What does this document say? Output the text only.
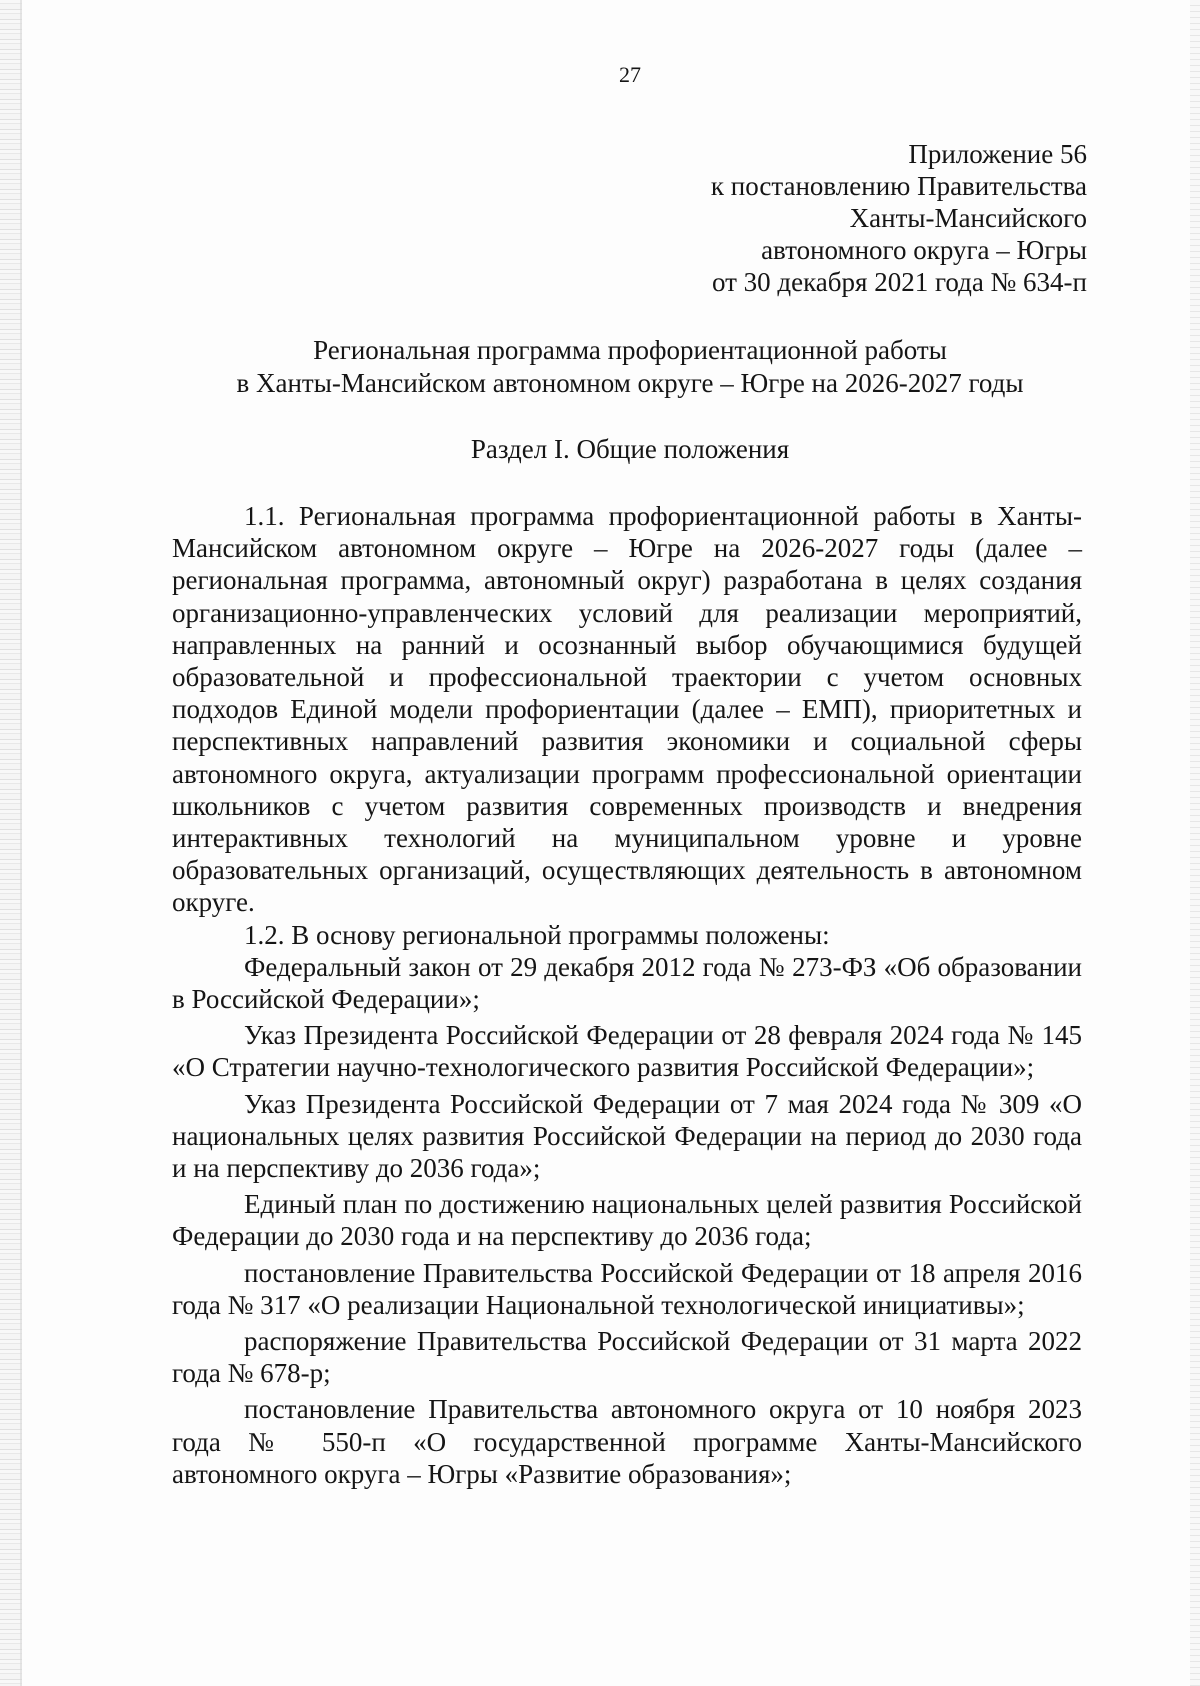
27
Приложение 56
к постановлению Правительства
Ханты-Мансийского
автономного округа – Югры
от 30 декабря 2021 года № 634-п
Региональная программа профориентационной работы
в Ханты-Мансийском автономном округе – Югре на 2026-2027 годы
Раздел I. Общие положения

1.1. Региональная программа профориентационной работы в Ханты-Мансийском автономном округе – Югре на 2026-2027 годы (далее – региональная программа, автономный округ) разработана в целях создания организационно-управленческих условий для реализации мероприятий, направленных на ранний и осознанный выбор обучающимися будущей образовательной и профессиональной траектории с учетом основных подходов Единой модели профориентации (далее – ЕМП), приоритетных и перспективных направлений развития экономики и социальной сферы автономного округа, актуализации программ профессиональной ориентации школьников с учетом развития современных производств и внедрения интерактивных технологий на муниципальном уровне и уровне образовательных организаций, осуществляющих деятельность в автономном округе.

1.2. В основу региональной программы положены:

Федеральный закон от 29 декабря 2012 года № 273-ФЗ «Об образовании в Российской Федерации»;

Указ Президента Российской Федерации от 28 февраля 2024 года № 145 «О Стратегии научно-технологического развития Российской Федерации»;

Указ Президента Российской Федерации от 7 мая 2024 года № 309 «О национальных целях развития Российской Федерации на период до 2030 года и на перспективу до 2036 года»;

Единый план по достижению национальных целей развития Российской Федерации до 2030 года и на перспективу до 2036 года;

постановление Правительства Российской Федерации от 18 апреля 2016 года № 317 «О реализации Национальной технологической инициативы»;

распоряжение Правительства Российской Федерации от 31 марта 2022 года № 678-р;

постановление Правительства автономного округа от 10 ноября 2023 года № 550-п «О государственной программе Ханты-Мансийского автономного округа – Югры «Развитие образования»;
